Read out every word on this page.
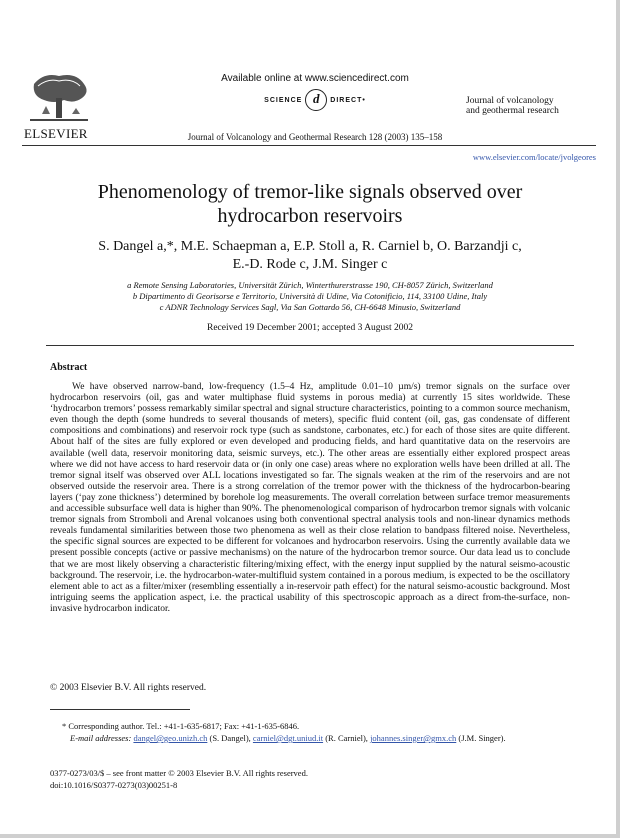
ELSEVIER
Available online at www.sciencedirect.com
SCIENCE d	DIRECT •	Journal of volcanology
and geothermal research
Journal of Volcanology and Geothermal Research 128 (2003) 135–158
www.elsevier.com/locate/jvolgeores
Phenomenology of tremor-like signals observed over
hydrocarbon reservoirs
S. Dangel a,*, M.E. Schaepman a, E.P. Stoll a, R. Carniel b, O. Barzandji c,
E.-D. Rode c, J.M. Singer c
a Remote Sensing Laboratories, Universität Zürich, Winterthurerstrasse 190, CH-8057 Zürich, Switzerland
b Dipartimento di Georisorse e Territorio, Università di Udine, Via Cotonificio, 114, 33100 Udine, Italy
c ADNR Technology Services Sagl, Via San Gottardo 56, CH-6648 Minusio, Switzerland
Received 19 December 2001; accepted 3 August 2002
Abstract

We have observed narrow-band, low-frequency (1.5–4 Hz, amplitude 0.01–10 µm/s) tremor signals on the surface over hydrocarbon reservoirs (oil, gas and water multiphase fluid systems in porous media) at currently 15 sites worldwide. These ‘hydrocarbon tremors’ possess remarkably similar spectral and signal structure characteristics, pointing to a common source mechanism, even though the depth (some hundreds to several thousands of meters), specific fluid content (oil, gas, gas condensate of different compositions and combinations) and reservoir rock type (such as sandstone, carbonates, etc.) for each of those sites are quite different. About half of the sites are fully explored or even developed and producing fields, and hard quantitative data on the reservoirs are available (well data, reservoir monitoring data, seismic surveys, etc.). The other areas are essentially either explored prospect areas where we did not have access to hard reservoir data or (in only one case) areas where no exploration wells have been drilled at all. The tremor signal itself was observed over ALL locations investigated so far. The signals weaken at the rim of the reservoirs and are not observed outside the reservoir area. There is a strong correlation of the tremor power with the thickness of the hydrocarbon-bearing layers (‘pay zone thickness’) determined by borehole log measurements. The overall correlation between surface tremor measurements and accessible subsurface well data is higher than 90%. The phenomenological comparison of hydrocarbon tremor signals with volcanic tremor signals from Stromboli and Arenal volcanoes using both conventional spectral analysis tools and non-linear dynamics methods reveals fundamental similarities between those two phenomena as well as their close relation to bandpass filtered noise. Nevertheless, the specific signal sources are expected to be different for volcanoes and hydrocarbon reservoirs. Using the currently available data we present possible concepts (active or passive mechanisms) on the nature of the hydrocarbon tremor source. Our data lead us to conclude that we are most likely observing a characteristic filtering/mixing effect, with the energy input supplied by the natural seismo-acoustic background. The reservoir, i.e. the hydrocarbon-water-multifluid system contained in a porous medium, is expected to be the oscillatory element able to act as a filter/mixer (resembling essentially a in-reservoir path effect) for the natural seismo-acoustic background. Most intriguing seems the application aspect, i.e. the practical usability of this spectroscopic approach as a direct from-the-surface, non-invasive hydrocarbon indicator.

© 2003 Elsevier B.V. All rights reserved.
* Corresponding author. Tel.: +41-1-635-6817; Fax: +41-1-635-6846.
E-mail addresses: dangel@geo.unizh.ch (S. Dangel), carniel@dgt.uniud.it (R. Carniel), johannes.singer@gmx.ch (J.M. Singer).
0377-0273/03/$ – see front matter © 2003 Elsevier B.V. All rights reserved.
doi:10.1016/S0377-0273(03)00251-8
